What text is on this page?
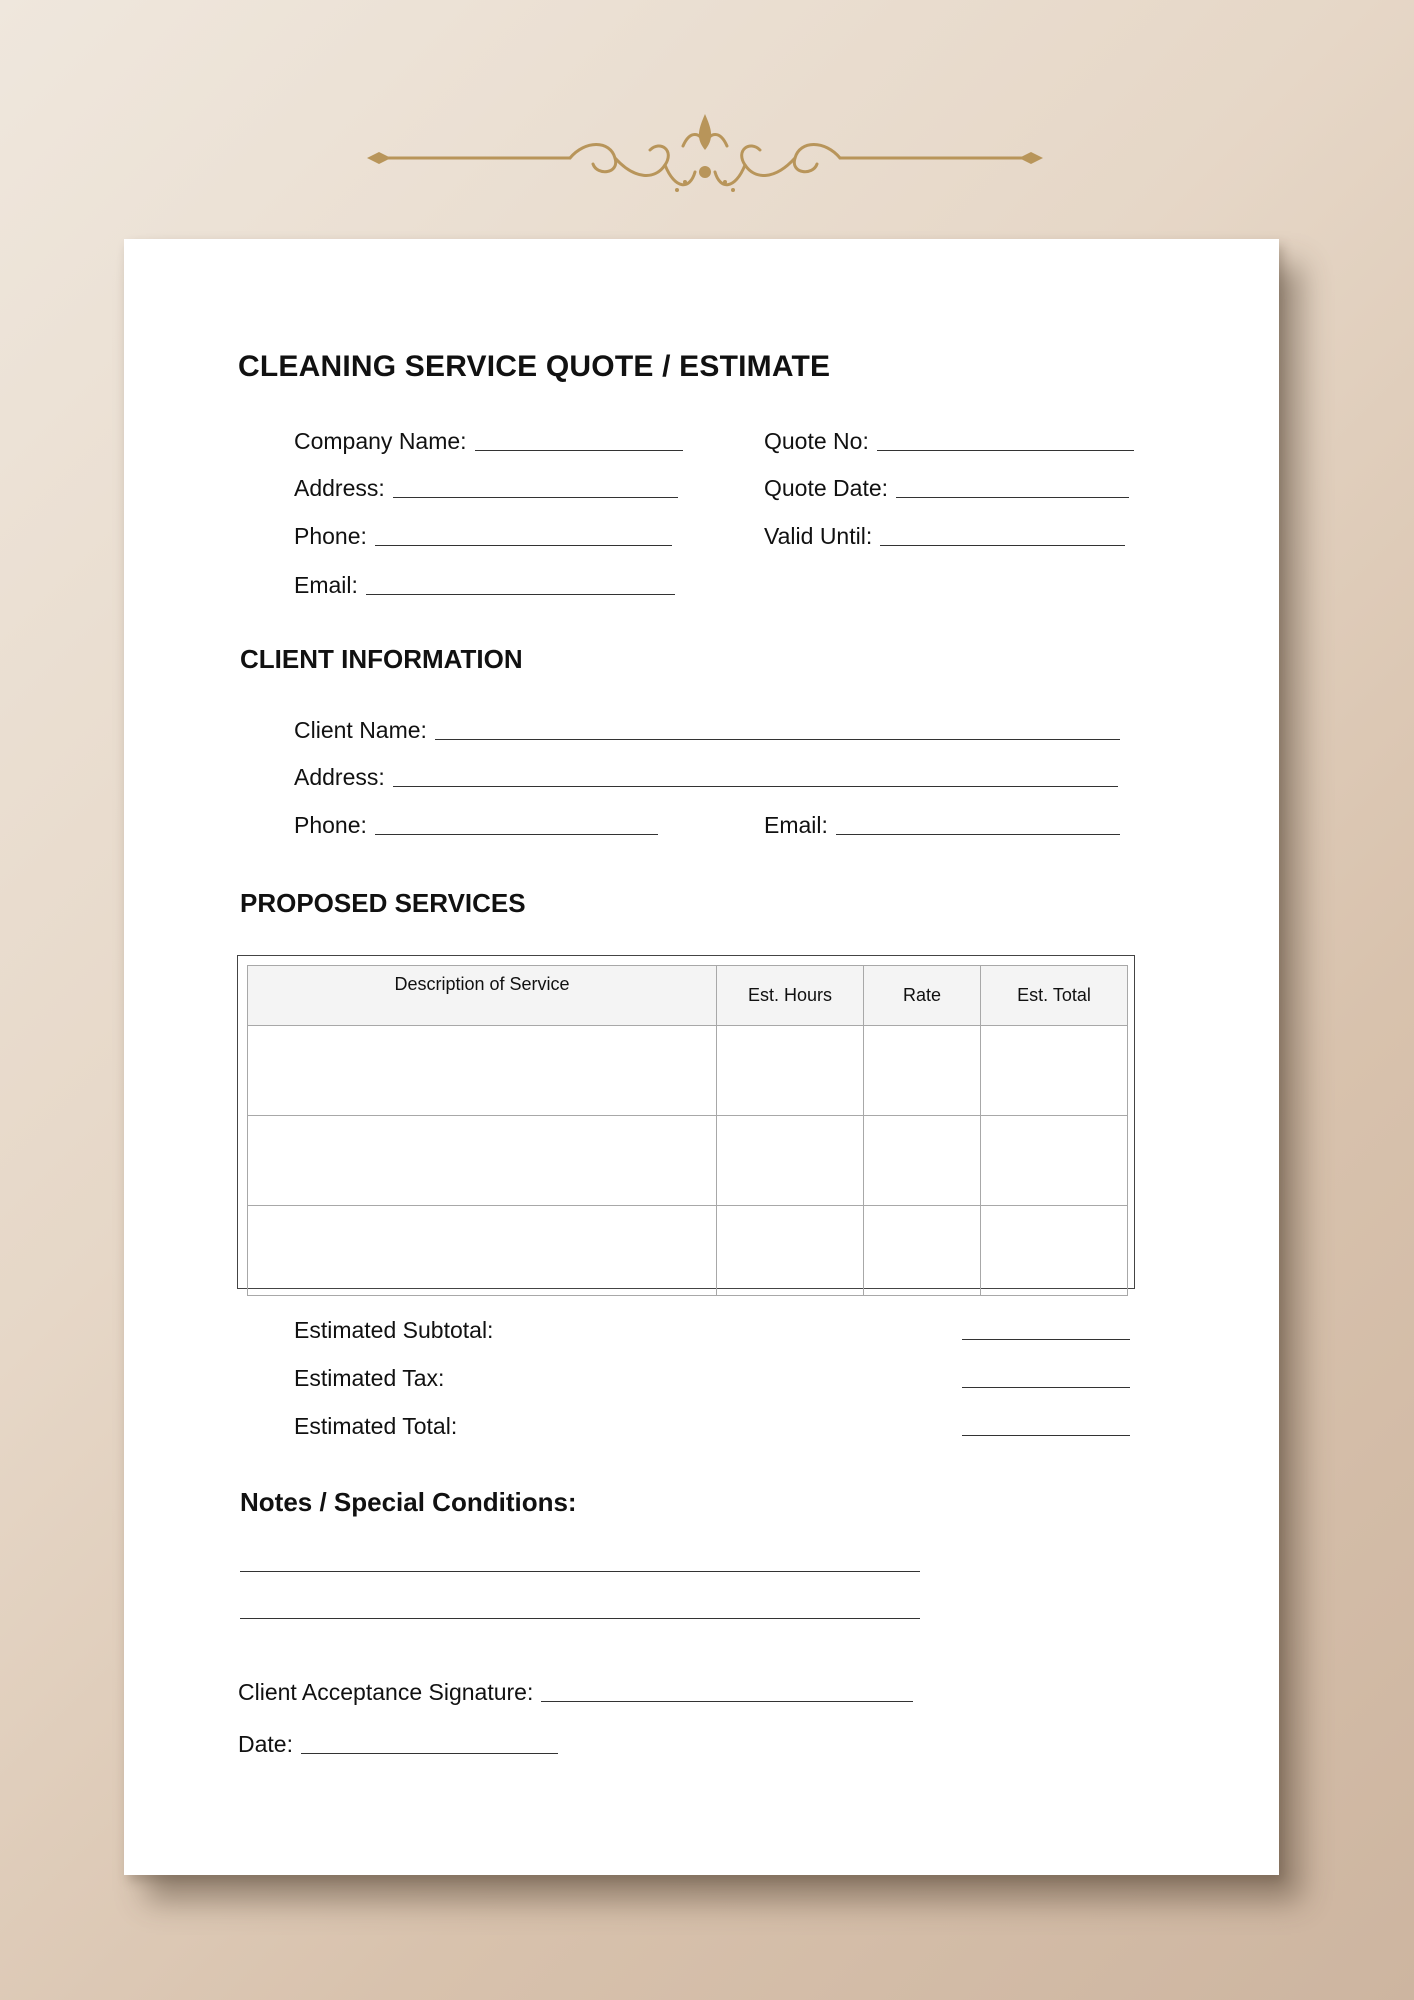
CLEANING SERVICE QUOTE / ESTIMATE
Company Name:
Address:
Phone:
Email:
Quote No:
Quote Date:
Valid Until:
CLIENT INFORMATION
Client Name:
Address:
Phone:	Email:
PROPOSED SERVICES
Description of Service	Est. Hours	Rate	Est. Total

Estimated Subtotal:
Estimated Tax:
Estimated Total:
Notes / Special Conditions:
Client Acceptance Signature:
Date:
